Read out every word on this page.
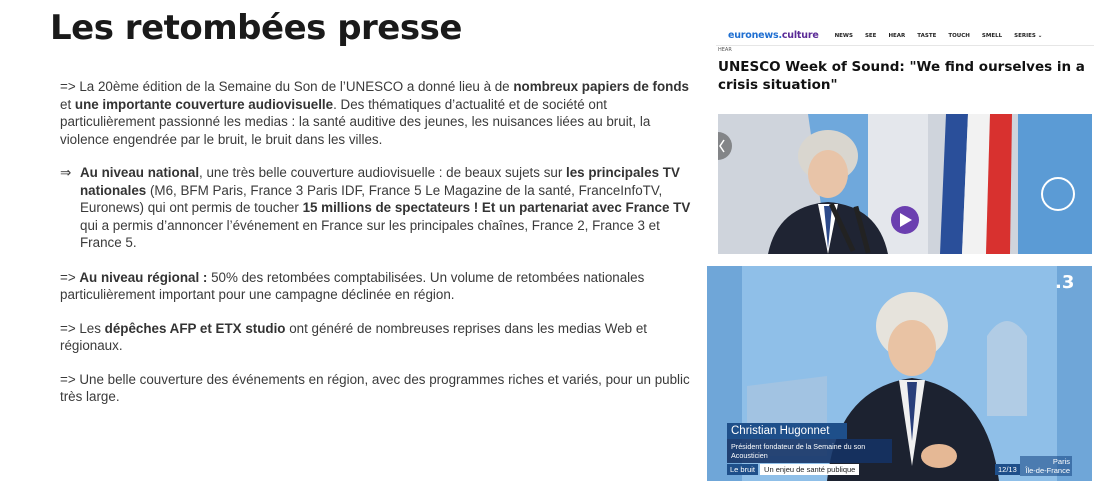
Les retombées presse

=> La 20ème édition de la Semaine du Son de l’UNESCO a donné lieu à de nombreux papiers de fonds et une importante couverture audiovisuelle. Des thématiques d’actualité et de société ont particulièrement passionné les medias : la santé auditive des jeunes, les nuisances liées au bruit, la violence engendrée par le bruit, le bruit dans les villes.

⇒ Au niveau national, une très belle couverture audiovisuelle : de beaux sujets sur les principales TV nationales (M6, BFM Paris, France 3 Paris IDF, France 5 Le Magazine de la santé, FranceInfoTV, Euronews) qui ont permis de toucher 15 millions de spectateurs ! Et un partenariat avec France TV qui a permis d’annoncer l’événement en France sur les principales chaînes, France 2, France 3 et France 5.

=> Au niveau régional : 50% des retombées comptabilisées. Un volume de retombées nationales particulièrement important pour une campagne déclinée en région.

=> Les dépêches AFP et ETX studio ont généré de nombreuses reprises dans les medias Web et régionaux.

=> Une belle couverture des événements en région, avec des programmes riches et variés, pour un public très large.

euronews.culture	NEWS SEE HEAR TASTE TOUCH SMELL SERIES ⌄
HEAR
UNESCO Week of Sound: "We find ourselves in a crisis situation"
.3
Christian Hugonnet
Président fondateur de la Semaine du son
Acousticien
Le bruit	Un enjeu de santé publique	12/13
Paris
Île-de-France
